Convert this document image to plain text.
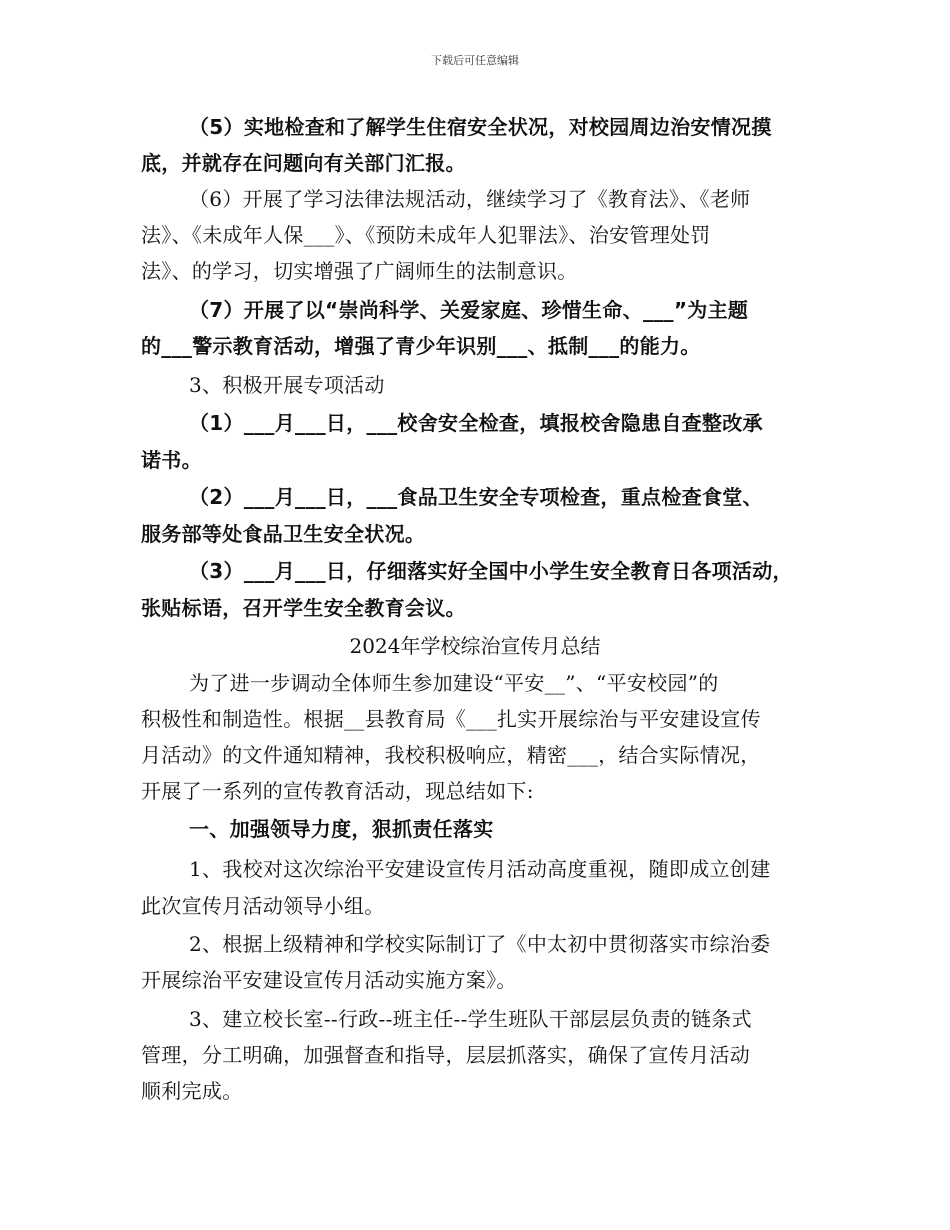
下载后可任意编辑
（5）实地检查和了解学生住宿安全状况，对校园周边治安情况摸
底，并就存在问题向有关部门汇报。
（6）开展了学习法律法规活动，继续学习了《教育法》、《老师
法》、《未成年人保___》、《预防未成年人犯罪法》、治安管理处罚
法》、的学习，切实增强了广阔师生的法制意识。
（7）开展了以“崇尚科学、关爱家庭、珍惜生命、___”为主题
的___警示教育活动，增强了青少年识别___、抵制___的能力。
3、积极开展专项活动
（1）___月___日，___校舍安全检查，填报校舍隐患自查整改承
诺书。
（2）___月___日，___食品卫生安全专项检查，重点检查食堂、
服务部等处食品卫生安全状况。
（3）___月___日，仔细落实好全国中小学生安全教育日各项活动，
张贴标语，召开学生安全教育会议。
2024年学校综治宣传月总结
为了进一步调动全体师生参加建设“平安__”、“平安校园”的
积极性和制造性。根据__县教育局《___扎实开展综治与平安建设宣传
月活动》的文件通知精神，我校积极响应，精密___，结合实际情况，
开展了一系列的宣传教育活动，现总结如下:
一、加强领导力度，狠抓责任落实
1、我校对这次综治平安建设宣传月活动高度重视，随即成立创建
此次宣传月活动领导小组。
2、根据上级精神和学校实际制订了《中太初中贯彻落实市综治委
开展综治平安建设宣传月活动实施方案》。
3、建立校长室--行政--班主任--学生班队干部层层负责的链条式
管理，分工明确，加强督查和指导，层层抓落实，确保了宣传月活动
顺利完成。
